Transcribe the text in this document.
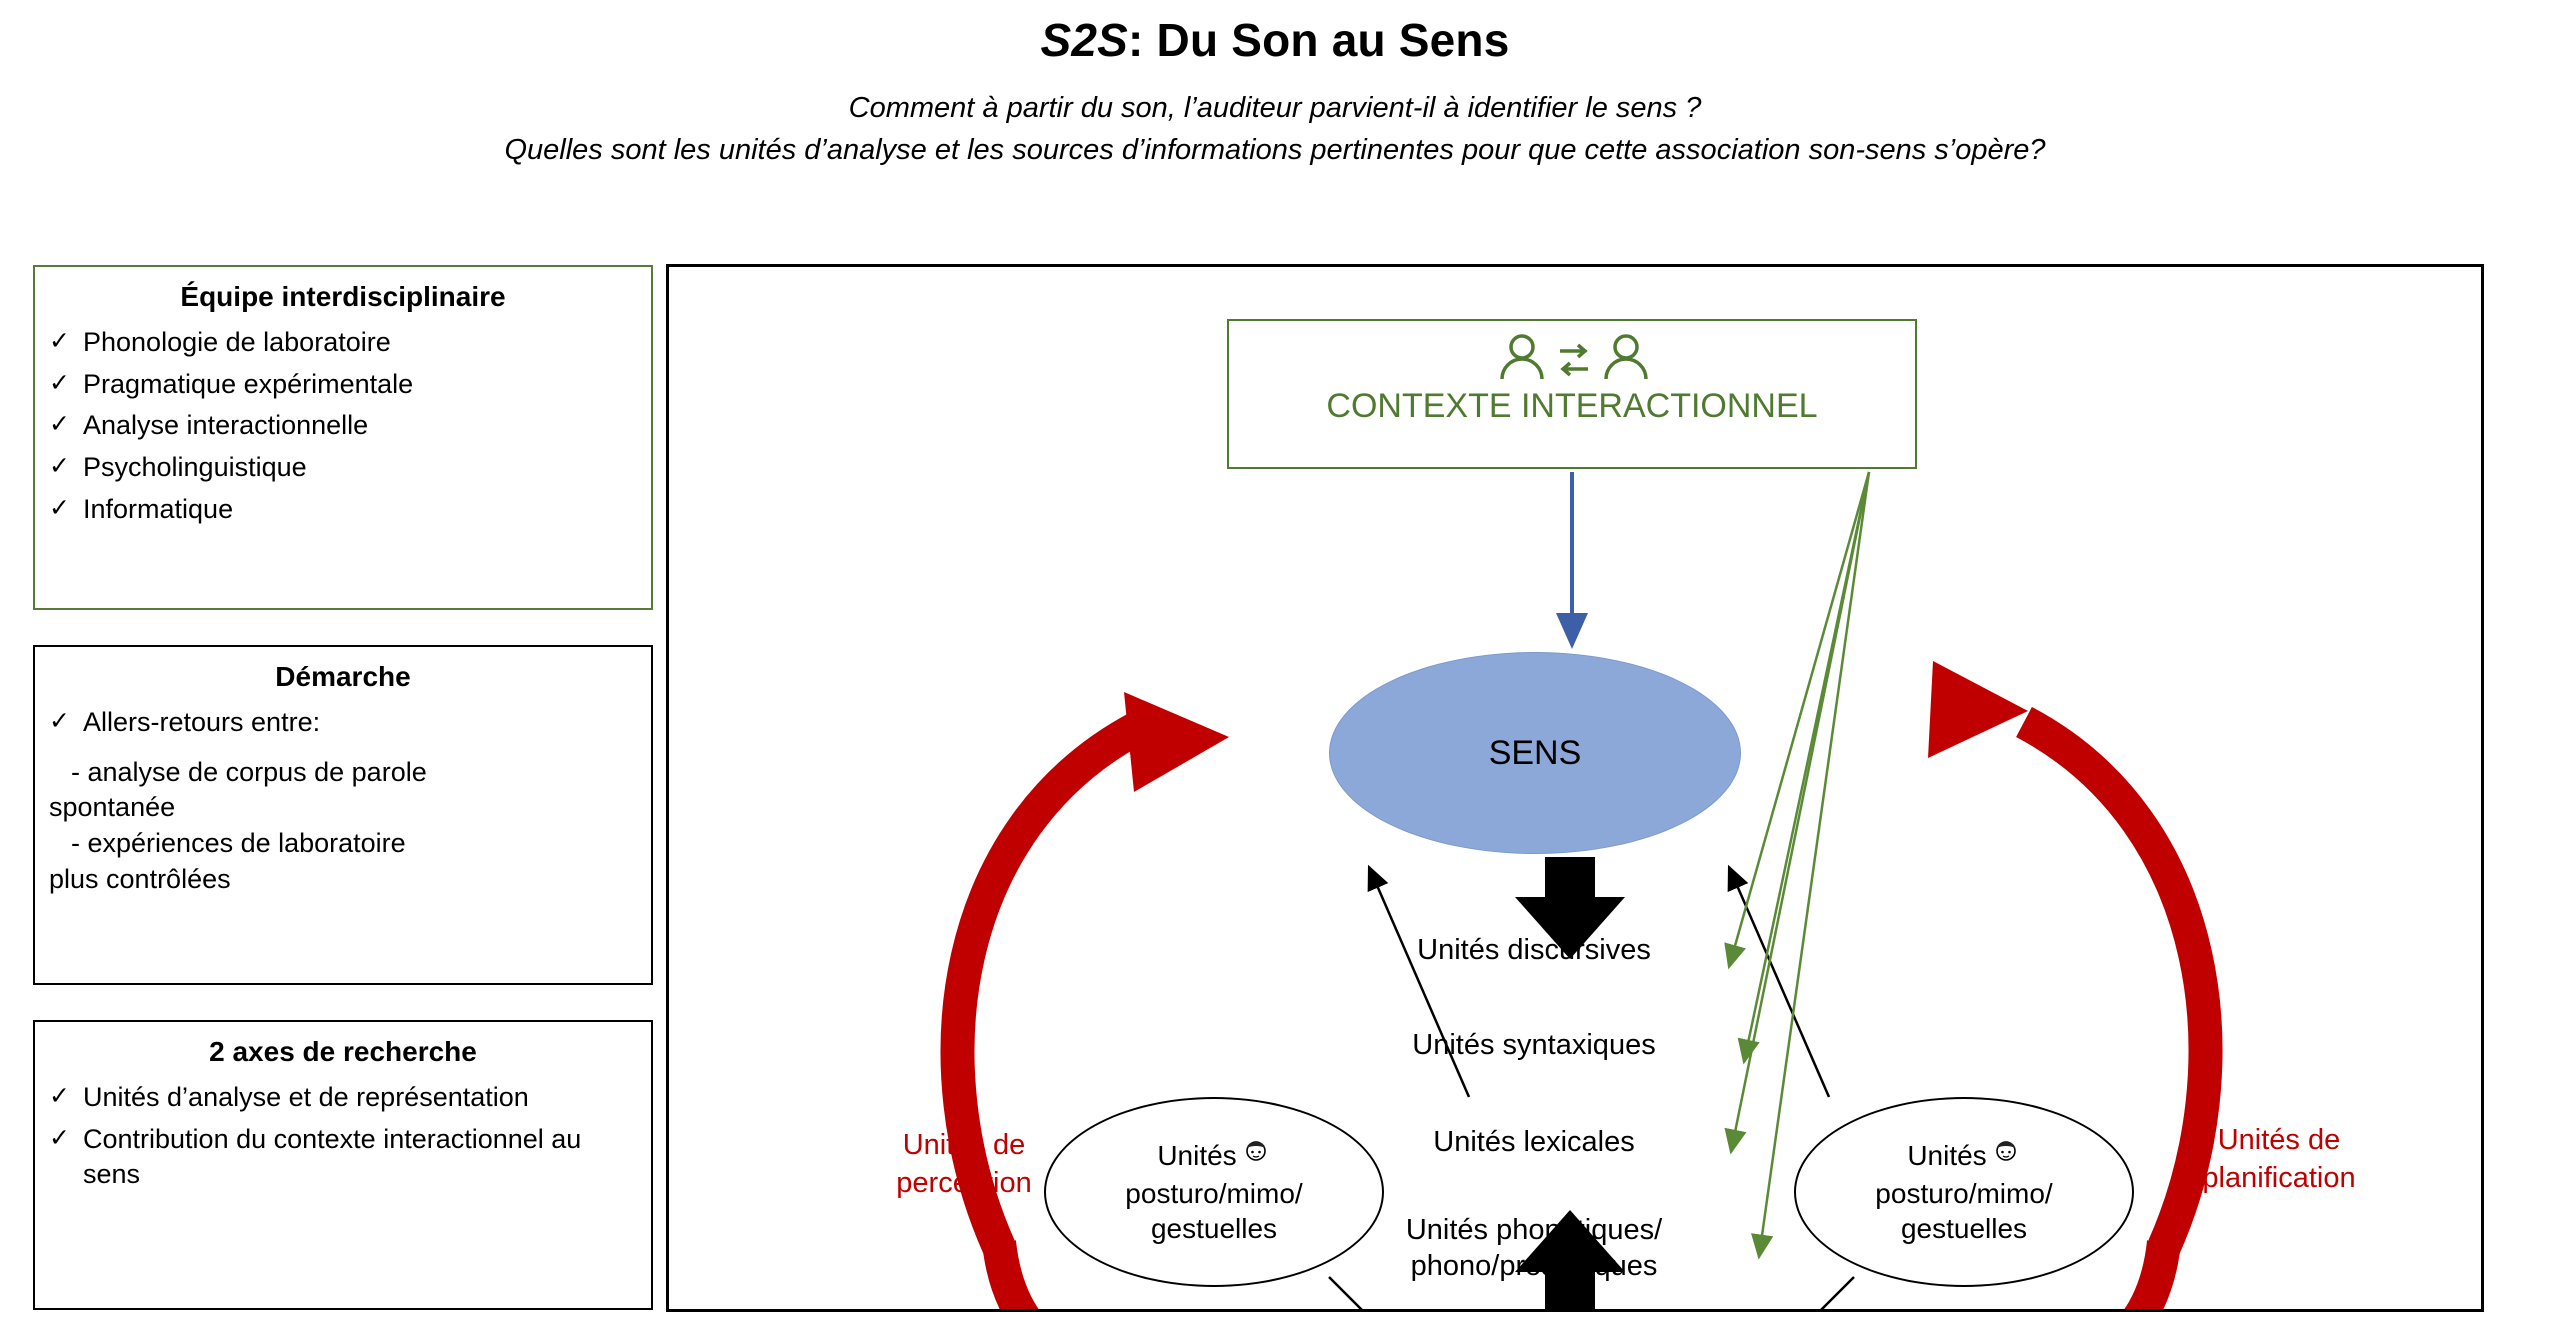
S2S: Du Son au Sens
Comment à partir du son, l’auditeur parvient-il à identifier le sens ?
Quelles sont les unités d’analyse et les sources d’informations pertinentes pour que cette association son-sens s’opère?
Équipe interdisciplinaire
✓ Phonologie de laboratoire
✓ Pragmatique expérimentale
✓ Analyse interactionnelle
✓ Psycholinguistique
✓ Informatique
Démarche
✓ Allers-retours entre:
- analyse de corpus de parole
spontanée
- expériences de laboratoire
plus contrôlées
2 axes de recherche
✓ Unités d’analyse et de représentation
✓ Contribution du contexte interactionnel au sens
CONTEXTE INTERACTIONNEL
SENS
Unités discursives
Unités syntaxiques
Unités lexicales
Unités phonétiques/
phono/prosodiques
Unités
posturo/mimo/
gestuelles
Unités
posturo/mimo/
gestuelles
Unités de
perception
Unités de
planification
